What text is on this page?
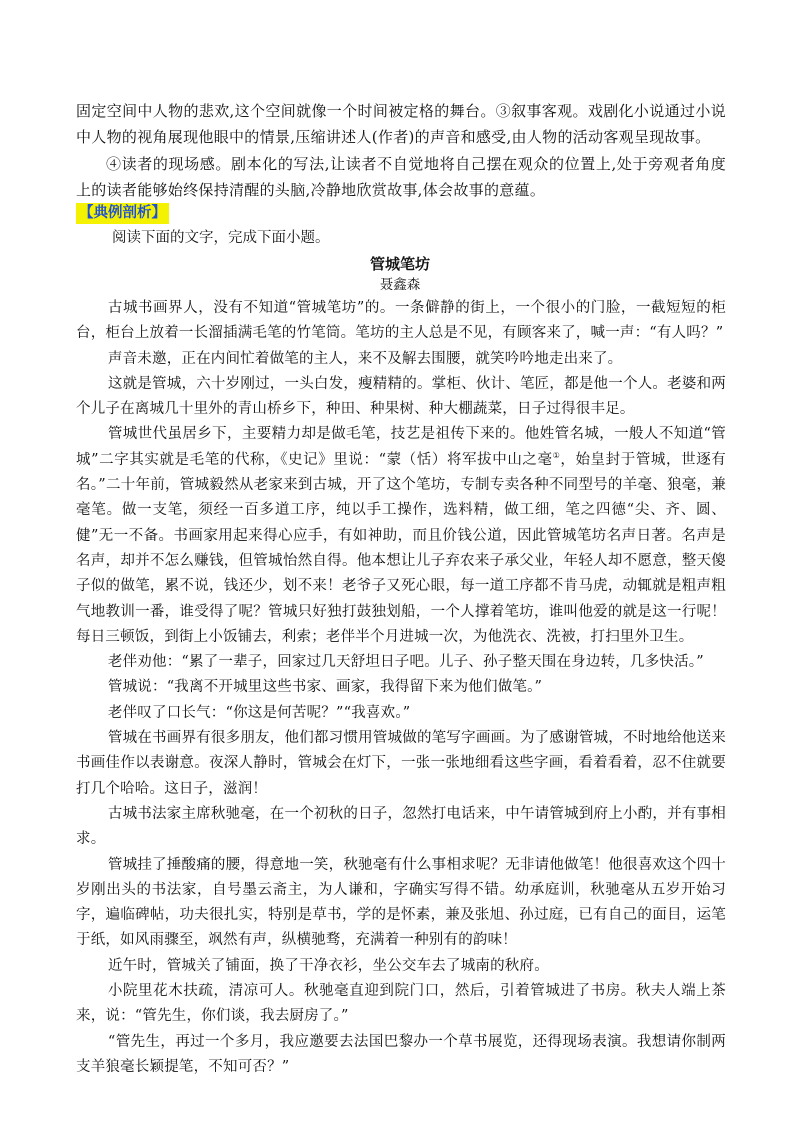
固定空间中人物的悲欢,这个空间就像一个时间被定格的舞台。③叙事客观。戏剧化小说通过小说中人物的视角展现他眼中的情景,压缩讲述人(作者)的声音和感受,由人物的活动客观呈现故事。

④读者的现场感。剧本化的写法,让读者不自觉地将自己摆在观众的位置上,处于旁观者角度上的读者能够始终保持清醒的头脑,冷静地欣赏故事,体会故事的意蕴。

【典例剖析】
阅读下面的文字，完成下面小题。
管城笔坊
聂鑫森

古城书画界人，没有不知道“管城笔坊”的。一条僻静的街上，一个很小的门脸，一截短短的柜台，柜台上放着一长溜插满毛笔的竹笔筒。笔坊的主人总是不见，有顾客来了，喊一声：“有人吗？”

声音未邀，正在内间忙着做笔的主人，来不及解去围腰，就笑吟吟地走出来了。

这就是管城，六十岁刚过，一头白发，瘦精精的。掌柜、伙计、笔匠，都是他一个人。老婆和两个儿子在离城几十里外的青山桥乡下，种田、种果树、种大棚蔬菜，日子过得很丰足。

管城世代虽居乡下，主要精力却是做毛笔，技艺是祖传下来的。他姓管名城，一般人不知道“管城”二字其实就是毛笔的代称，《史记》里说：“蒙（恬）将军拔中山之毫①，始皇封于管城，世逐有名。”二十年前，管城毅然从老家来到古城，开了这个笔坊，专制专卖各种不同型号的羊毫、狼毫，兼毫笔。做一支笔，须经一百多道工序，纯以手工操作，选料精，做工细，笔之四德“尖、齐、圆、健”无一不备。书画家用起来得心应手，有如神助，而且价钱公道，因此管城笔坊名声日著。名声是名声，却并不怎么赚钱，但管城怡然自得。他本想让儿子弃农来子承父业，年轻人却不愿意，整天傻子似的做笔，累不说，钱还少，划不来！老爷子又死心眼，每一道工序都不肯马虎，动辄就是粗声粗气地教训一番，谁受得了呢？管城只好独打鼓独划船，一个人撑着笔坊，谁叫他爱的就是这一行呢！每日三顿饭，到街上小饭铺去，利索；老伴半个月进城一次，为他洗衣、洗被，打扫里外卫生。

老伴劝他：“累了一辈子，回家过几天舒坦日子吧。儿子、孙子整天围在身边转，几多快活。”

管城说：“我离不开城里这些书家、画家，我得留下来为他们做笔。”

老伴叹了口长气：“你这是何苦呢？”“我喜欢。”

管城在书画界有很多朋友，他们都习惯用管城做的笔写字画画。为了感谢管城，不时地给他送来书画佳作以表谢意。夜深人静时，管城会在灯下，一张一张地细看这些字画，看着看着，忍不住就要打几个哈哈。这日子，滋润！

古城书法家主席秋驰毫，在一个初秋的日子，忽然打电话来，中午请管城到府上小酌，并有事相求。

管城挂了捶酸痛的腰，得意地一笑，秋驰毫有什么事相求呢？无非请他做笔！他很喜欢这个四十岁刚出头的书法家，自号墨云斋主，为人谦和，字确实写得不错。幼承庭训，秋驰毫从五岁开始习字，遍临碑帖，功夫很扎实，特别是草书，学的是怀素，兼及张旭、孙过庭，已有自己的面目，运笔于纸，如风雨骤至，飒然有声，纵横驰骛，充满着一种别有的韵味！

近午时，管城关了铺面，换了干净衣衫，坐公交车去了城南的秋府。

小院里花木扶疏，清凉可人。秋驰毫直迎到院门口，然后，引着管城进了书房。秋夫人端上茶来，说：“管先生，你们谈，我去厨房了。”

“管先生，再过一个多月，我应邀要去法国巴黎办一个草书展览，还得现场表演。我想请你制两支羊狼毫长颖提笔，不知可否？”
